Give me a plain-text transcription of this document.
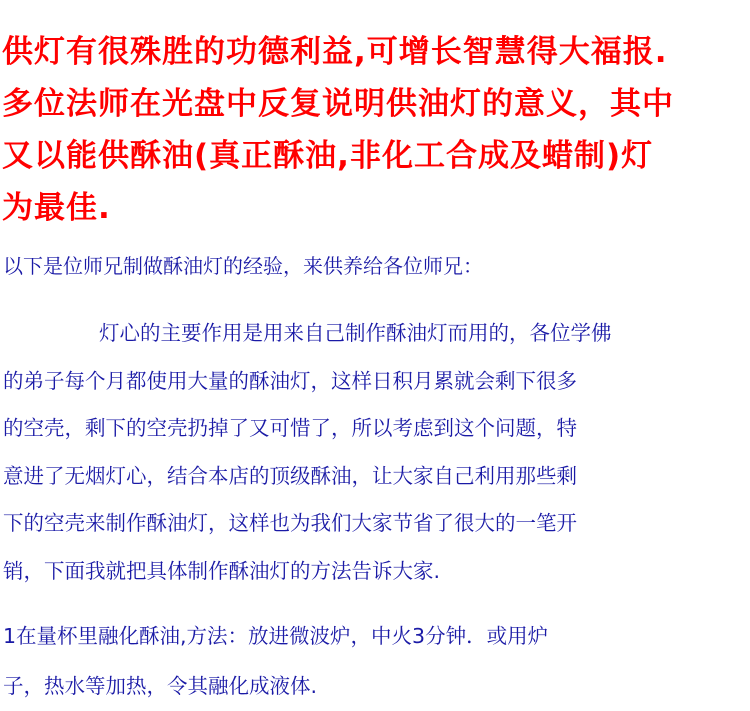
供灯有很殊胜的功德利益,可增长智慧得大福报.
多位法师在光盘中反复说明供油灯的意义，其中
又以能供酥油(真正酥油,非化工合成及蜡制)灯
为最佳.
以下是位师兄制做酥油灯的经验，来供养给各位师兄：
灯心的主要作用是用来自己制作酥油灯而用的，各位学佛
的弟子每个月都使用大量的酥油灯，这样日积月累就会剩下很多
的空壳，剩下的空壳扔掉了又可惜了，所以考虑到这个问题，特
意进了无烟灯心，结合本店的顶级酥油，让大家自己利用那些剩
下的空壳来制作酥油灯，这样也为我们大家节省了很大的一笔开
销，下面我就把具体制作酥油灯的方法告诉大家.
1在量杯里融化酥油,方法：放进微波炉，中火3分钟．或用炉
子，热水等加热，令其融化成液体.
